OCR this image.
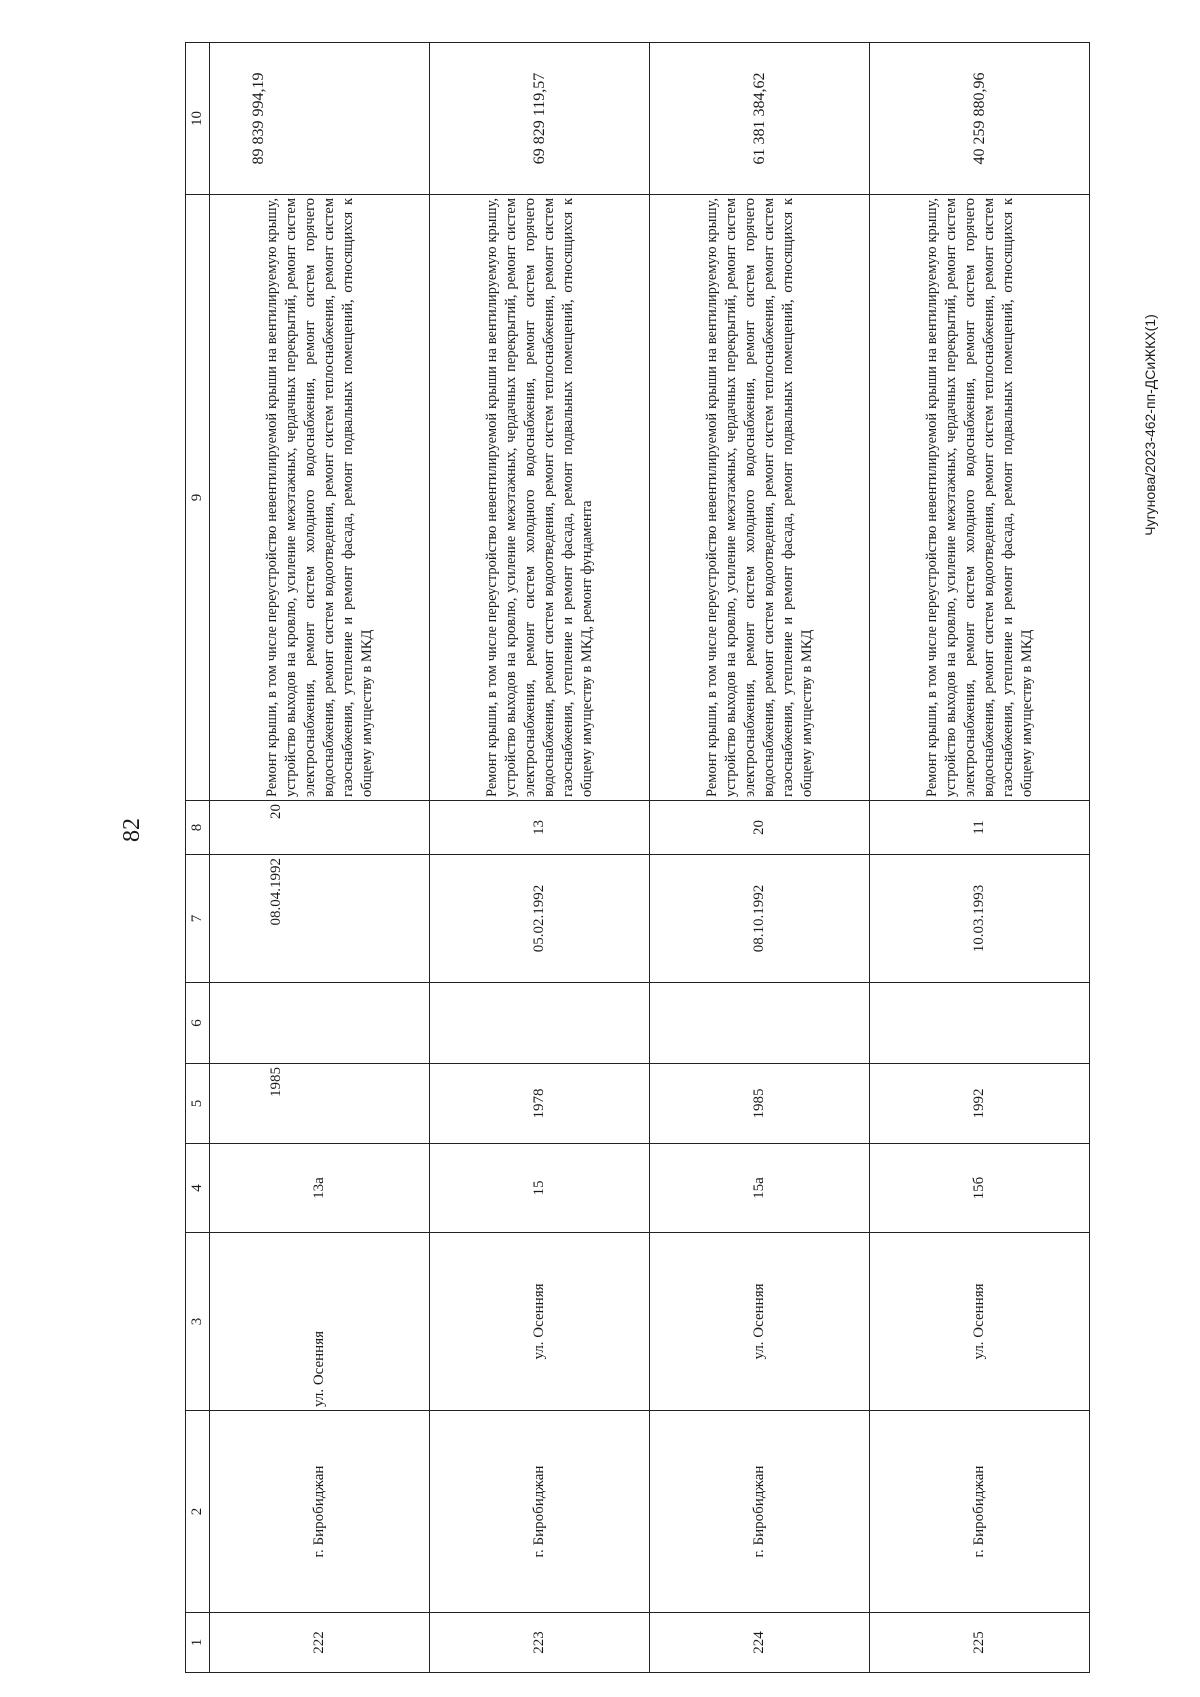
82
Чугунова/2023-462-пп-ДСиЖКХ(1)
1	2	3	4	5	6	7	8	9	10
222	г. Биробиджан	ул. Осенняя	13а	1985		08.04.1992	20	Ремонт крыши, в том числе переустройство невентилируемой крыши на вентилируемую крышу, устройство выходов на кровлю, усиление межэтажных, чердачных перекрытий, ремонт систем электроснабжения, ремонт систем холодного водоснабжения, ремонт систем горячего водоснабжения, ремонт систем водоотведения, ремонт систем теплоснабжения, ремонт систем газоснабжения, утепление и ремонт фасада, ремонт подвальных помещений, относящихся к общему имуществу в МКД	89 839 994,19
223	г. Биробиджан	ул. Осенняя	15	1978		05.02.1992	13	Ремонт крыши, в том числе переустройство невентилируемой крыши на вентилируемую крышу, устройство выходов на кровлю, усиление межэтажных, чердачных перекрытий, ремонт систем электроснабжения, ремонт систем холодного водоснабжения, ремонт систем горячего водоснабжения, ремонт систем водоотведения, ремонт систем теплоснабжения, ремонт систем газоснабжения, утепление и ремонт фасада, ремонт подвальных помещений, относящихся к общему имуществу в МКД, ремонт фундамента	69 829 119,57
224	г. Биробиджан	ул. Осенняя	15а	1985		08.10.1992	20	Ремонт крыши, в том числе переустройство невентилируемой крыши на вентилируемую крышу, устройство выходов на кровлю, усиление межэтажных, чердачных перекрытий, ремонт систем электроснабжения, ремонт систем холодного водоснабжения, ремонт систем горячего водоснабжения, ремонт систем водоотведения, ремонт систем теплоснабжения, ремонт систем газоснабжения, утепление и ремонт фасада, ремонт подвальных помещений, относящихся к общему имуществу в МКД	61 381 384,62
225	г. Биробиджан	ул. Осенняя	15б	1992		10.03.1993	11	Ремонт крыши, в том числе переустройство невентилируемой крыши на вентилируемую крышу, устройство выходов на кровлю, усиление межэтажных, чердачных перекрытий, ремонт систем электроснабжения, ремонт систем холодного водоснабжения, ремонт систем горячего водоснабжения, ремонт систем водоотведения, ремонт систем теплоснабжения, ремонт систем газоснабжения, утепление и ремонт фасада, ремонт подвальных помещений, относящихся к общему имуществу в МКД	40 259 880,96
